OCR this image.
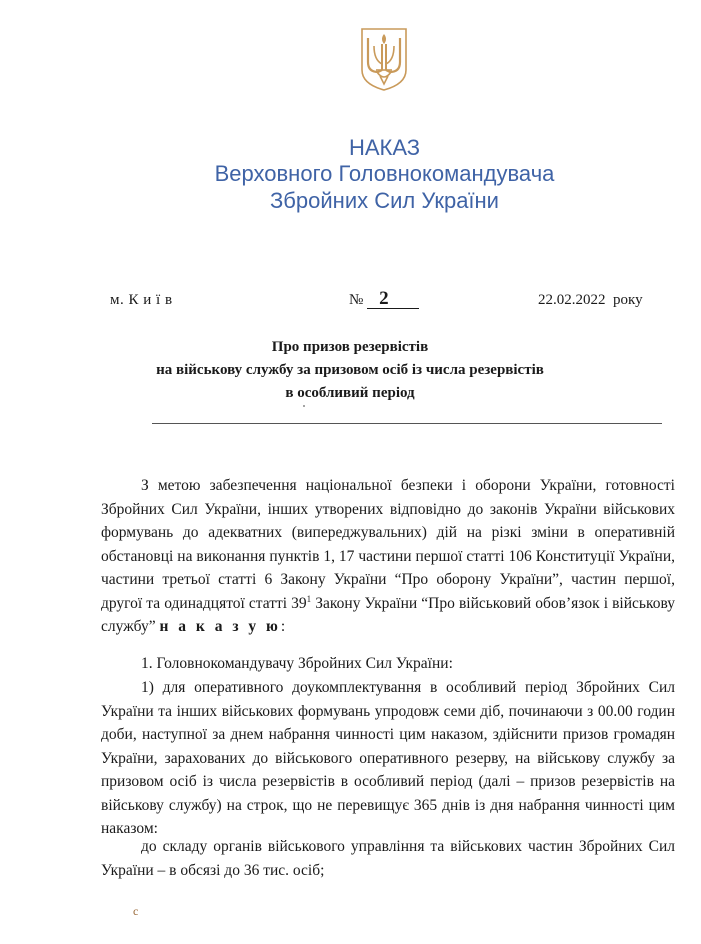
НАКАЗ
Верховного Головнокомандувача
Збройних Сил України
м. К и ї в	№ 2	22.02.2022  року
Про призов резервістів
на військову службу за призовом осіб із числа резервістів
в особливий період
З метою забезпечення національної безпеки і оборони України, готовності Збройних Сил України, інших утворених відповідно до законів України військових формувань до адекватних (випереджувальних) дій на різкі зміни в оперативній обстановці на виконання пунктів 1, 17 частини першої статті 106 Конституції України, частини третьої статті 6 Закону України “Про оборону України”, частин першої, другої та одинадцятої статті $39^1$ Закону України “Про військовий обов’язок і військову службу” н а к а з у ю:
1. Головнокомандувачу Збройних Сил України:
1) для оперативного доукомплектування в особливий період Збройних Сил України та інших військових формувань упродовж семи діб, починаючи з 00.00 годин доби, наступної за днем набрання чинності цим наказом, здійснити призов громадян України, зарахованих до військового оперативного резерву, на військову службу за призовом осіб із числа резервістів в особливий період (далі – призов резервістів на військову службу) на строк, що не перевищує 365 днів із дня набрання чинності цим наказом:
до складу органів військового управління та військових частин Збройних Сил України – в обсязі до 36 тис. осіб;
с
